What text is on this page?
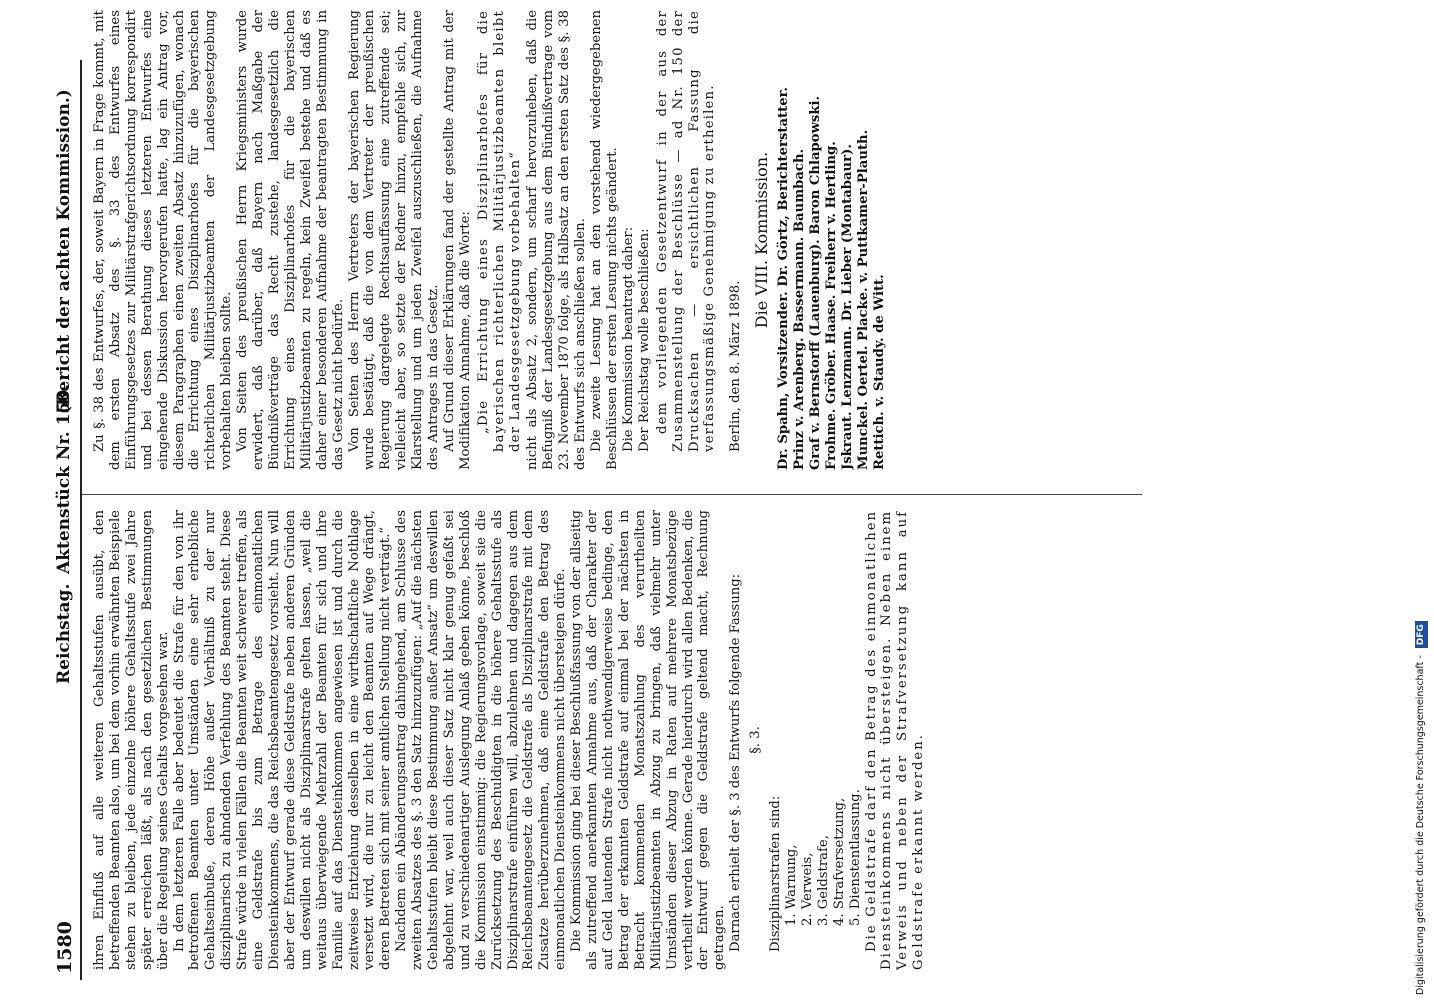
1580
Reichstag.
Aktenstück Nr. 150.
(Bericht der achten Kommission.)

ihren Einfluß auf alle weiteren Gehaltsstufen ausübt, den betreffenden Beamten also, um bei dem vorhin erwähnten Beispiele stehen zu bleiben, jede einzelne höhere Gehaltsstufe zwei Jahre später erreichen läßt, als nach den gesetzlichen Bestimmungen über die Regelung seines Gehalts vorgesehen war. In dem letzteren Falle aber bedeutet die Strafe für den von ihr betroffenen Beamten unter Umständen eine sehr erhebliche Gehaltseinbuße, deren Höhe außer Verhältniß zu der nur disziplinarisch zu ahndenden Verfehlung des Beamten steht. Diese Strafe würde in vielen Fällen die Beamten weit schwerer treffen, als eine Geldstrafe bis zum Betrage des einmonatlichen Diensteinkommens, die das Reichsbeamtengesetz vorsieht. Nun will aber der Entwurf gerade diese Geldstrafe neben anderen Gründen um deswillen nicht als Disziplinarstrafe gelten lassen, „weil die weitaus überwiegende Mehrzahl der Beamten für sich und ihre Familie auf das Diensteinkommen angewiesen ist und durch die zeitweise Entziehung desselben in eine wirthschaftliche Nothlage versetzt wird, die nur zu leicht den Beamten auf Wege drängt, deren Betreten sich mit seiner amtlichen Stellung nicht verträgt.“ Nachdem ein Abänderungsantrag dahingehend, am Schlusse des zweiten Absatzes des §. 3 den Satz hinzuzufügen: „Auf die nächsten Gehaltsstufen bleibt diese Bestimmung außer Ansatz“ um deswillen abgelehnt war, weil auch dieser Satz nicht klar genug gefaßt sei und zu verschiedenartiger Auslegung Anlaß geben könne, beschloß die Kommission einstimmig: die Regierungsvorlage, soweit sie die Zurücksetzung des Beschuldigten in die höhere Gehaltsstufe als Disziplinarstrafe einführen will, abzulehnen und dagegen aus dem Reichsbeamtengesetz die Geldstrafe als Disziplinarstrafe mit dem Zusatze herüberzunehmen, daß eine Geldstrafe den Betrag des einmonatlichen Diensteinkommens nicht übersteigen dürfe. Die Kommission ging bei dieser Beschlußfassung von der allseitig als zutreffend anerkannten Annahme aus, daß der Charakter der auf Geld lautenden Strafe nicht nothwendigerweise bedinge, den Betrag der erkannten Geldstrafe auf einmal bei der nächsten in Betracht kommenden Monatszahlung des verurtheilten Militärjustizbeamten in Abzug zu bringen, daß vielmehr unter Umständen dieser Abzug in Raten auf mehrere Monatsbezüge vertheilt werden könne. Gerade hierdurch wird allen Bedenken, die der Entwurf gegen die Geldstrafe geltend macht, Rechnung getragen. Darnach erhielt der §. 3 des Entwurfs folgende Fassung: §. 3.

Disziplinarstrafen sind: 1. Warnung, 2. Verweis, 3. Geldstrafe, 4. Strafversetzung, 5. Dienstentlassung. Die Geldstrafe darf den Betrag des einmonatlichen Diensteinkommens nicht übersteigen. Neben einem Verweis und neben der Strafversetzung kann auf Geldstrafe erkannt werden.

Zu §. 38 des Entwurfes, der, soweit Bayern in Frage kommt, mit dem ersten Absatz des §. 33 des Entwurfes eines Einführungsgesetzes zur Militärstrafgerichtsordnung korrespondirt und bei dessen Berathung dieses letzteren Entwurfes eine eingehende Diskussion hervorgerufen hatte, lag ein Antrag vor, diesem Paragraphen einen zweiten Absatz hinzuzufügen, wonach die Errichtung eines Disziplinarhofes für die bayerischen richterlichen Militärjustizbeamten der Landesgesetzgebung vorbehalten bleiben sollte. Von Seiten des preußischen Herrn Kriegsministers wurde erwidert, daß darüber, daß Bayern nach Maßgabe der Bündnißverträge das Recht zustehe, landesgesetzlich die Errichtung eines Disziplinarhofes für die bayerischen Militärjustizbeamten zu regeln, kein Zweifel bestehe und daß es daher einer besonderen Aufnahme der beantragten Bestimmung in das Gesetz nicht bedürfe. Von Seiten des Herrn Vertreters der bayerischen Regierung wurde bestätigt, daß die von dem Vertreter der preußischen Regierung dargelegte Rechtsauffassung eine zutreffende sei; vielleicht aber, so setzte der Redner hinzu, empfehle sich, zur Klarstellung und um jeden Zweifel auszuschließen, die Aufnahme des Antrages in das Gesetz. Auf Grund dieser Erklärungen fand der gestellte Antrag mit der Modifikation Annahme, daß die Worte: „Die Errichtung eines Disziplinarhofes für die bayerischen richterlichen Militärjustizbeamten bleibt der Landesgesetzgebung vorbehalten“ nicht als Absatz 2, sondern, um scharf hervorzuheben, daß die Befugniß der Landesgesetzgebung aus dem Bündnißvertrage vom 23. November 1870 folge, als Halbsatz an den ersten Satz des §. 38 des Entwurfs sich anschließen sollen. Die zweite Lesung hat an den vorstehend wiedergegebenen Beschlüssen der ersten Lesung nichts geändert. Die Kommission beantragt daher: Der Reichstag wolle beschließen: dem vorliegenden Gesetzentwurf in der aus der Zusammenstellung der Beschlüsse — ad Nr. 150 der Drucksachen — ersichtlichen Fassung die verfassungsmäßige Genehmigung zu ertheilen. Berlin, den 8. März 1898.

Die VIII. Kommission. Dr. Spahn, Vorsitzender. Dr. Görtz, Berichterstatter. Prinz v. Arenberg. Bassermann. Baumbach. Graf v. Bernstorff (Lauenburg). Baron Chlapowski. Frohme. Gröber. Haase. Freiherr v. Hertling. Jskraut. Lenzmann. Dr. Lieber (Montabaur). Munckel. Oertel. Placke. v. Puttkamer-Plauth. Rettich. v. Staudy. de Witt.

Digitalisierung gefördert durch die Deutsche Forschungsgemeinschaft - DFG
